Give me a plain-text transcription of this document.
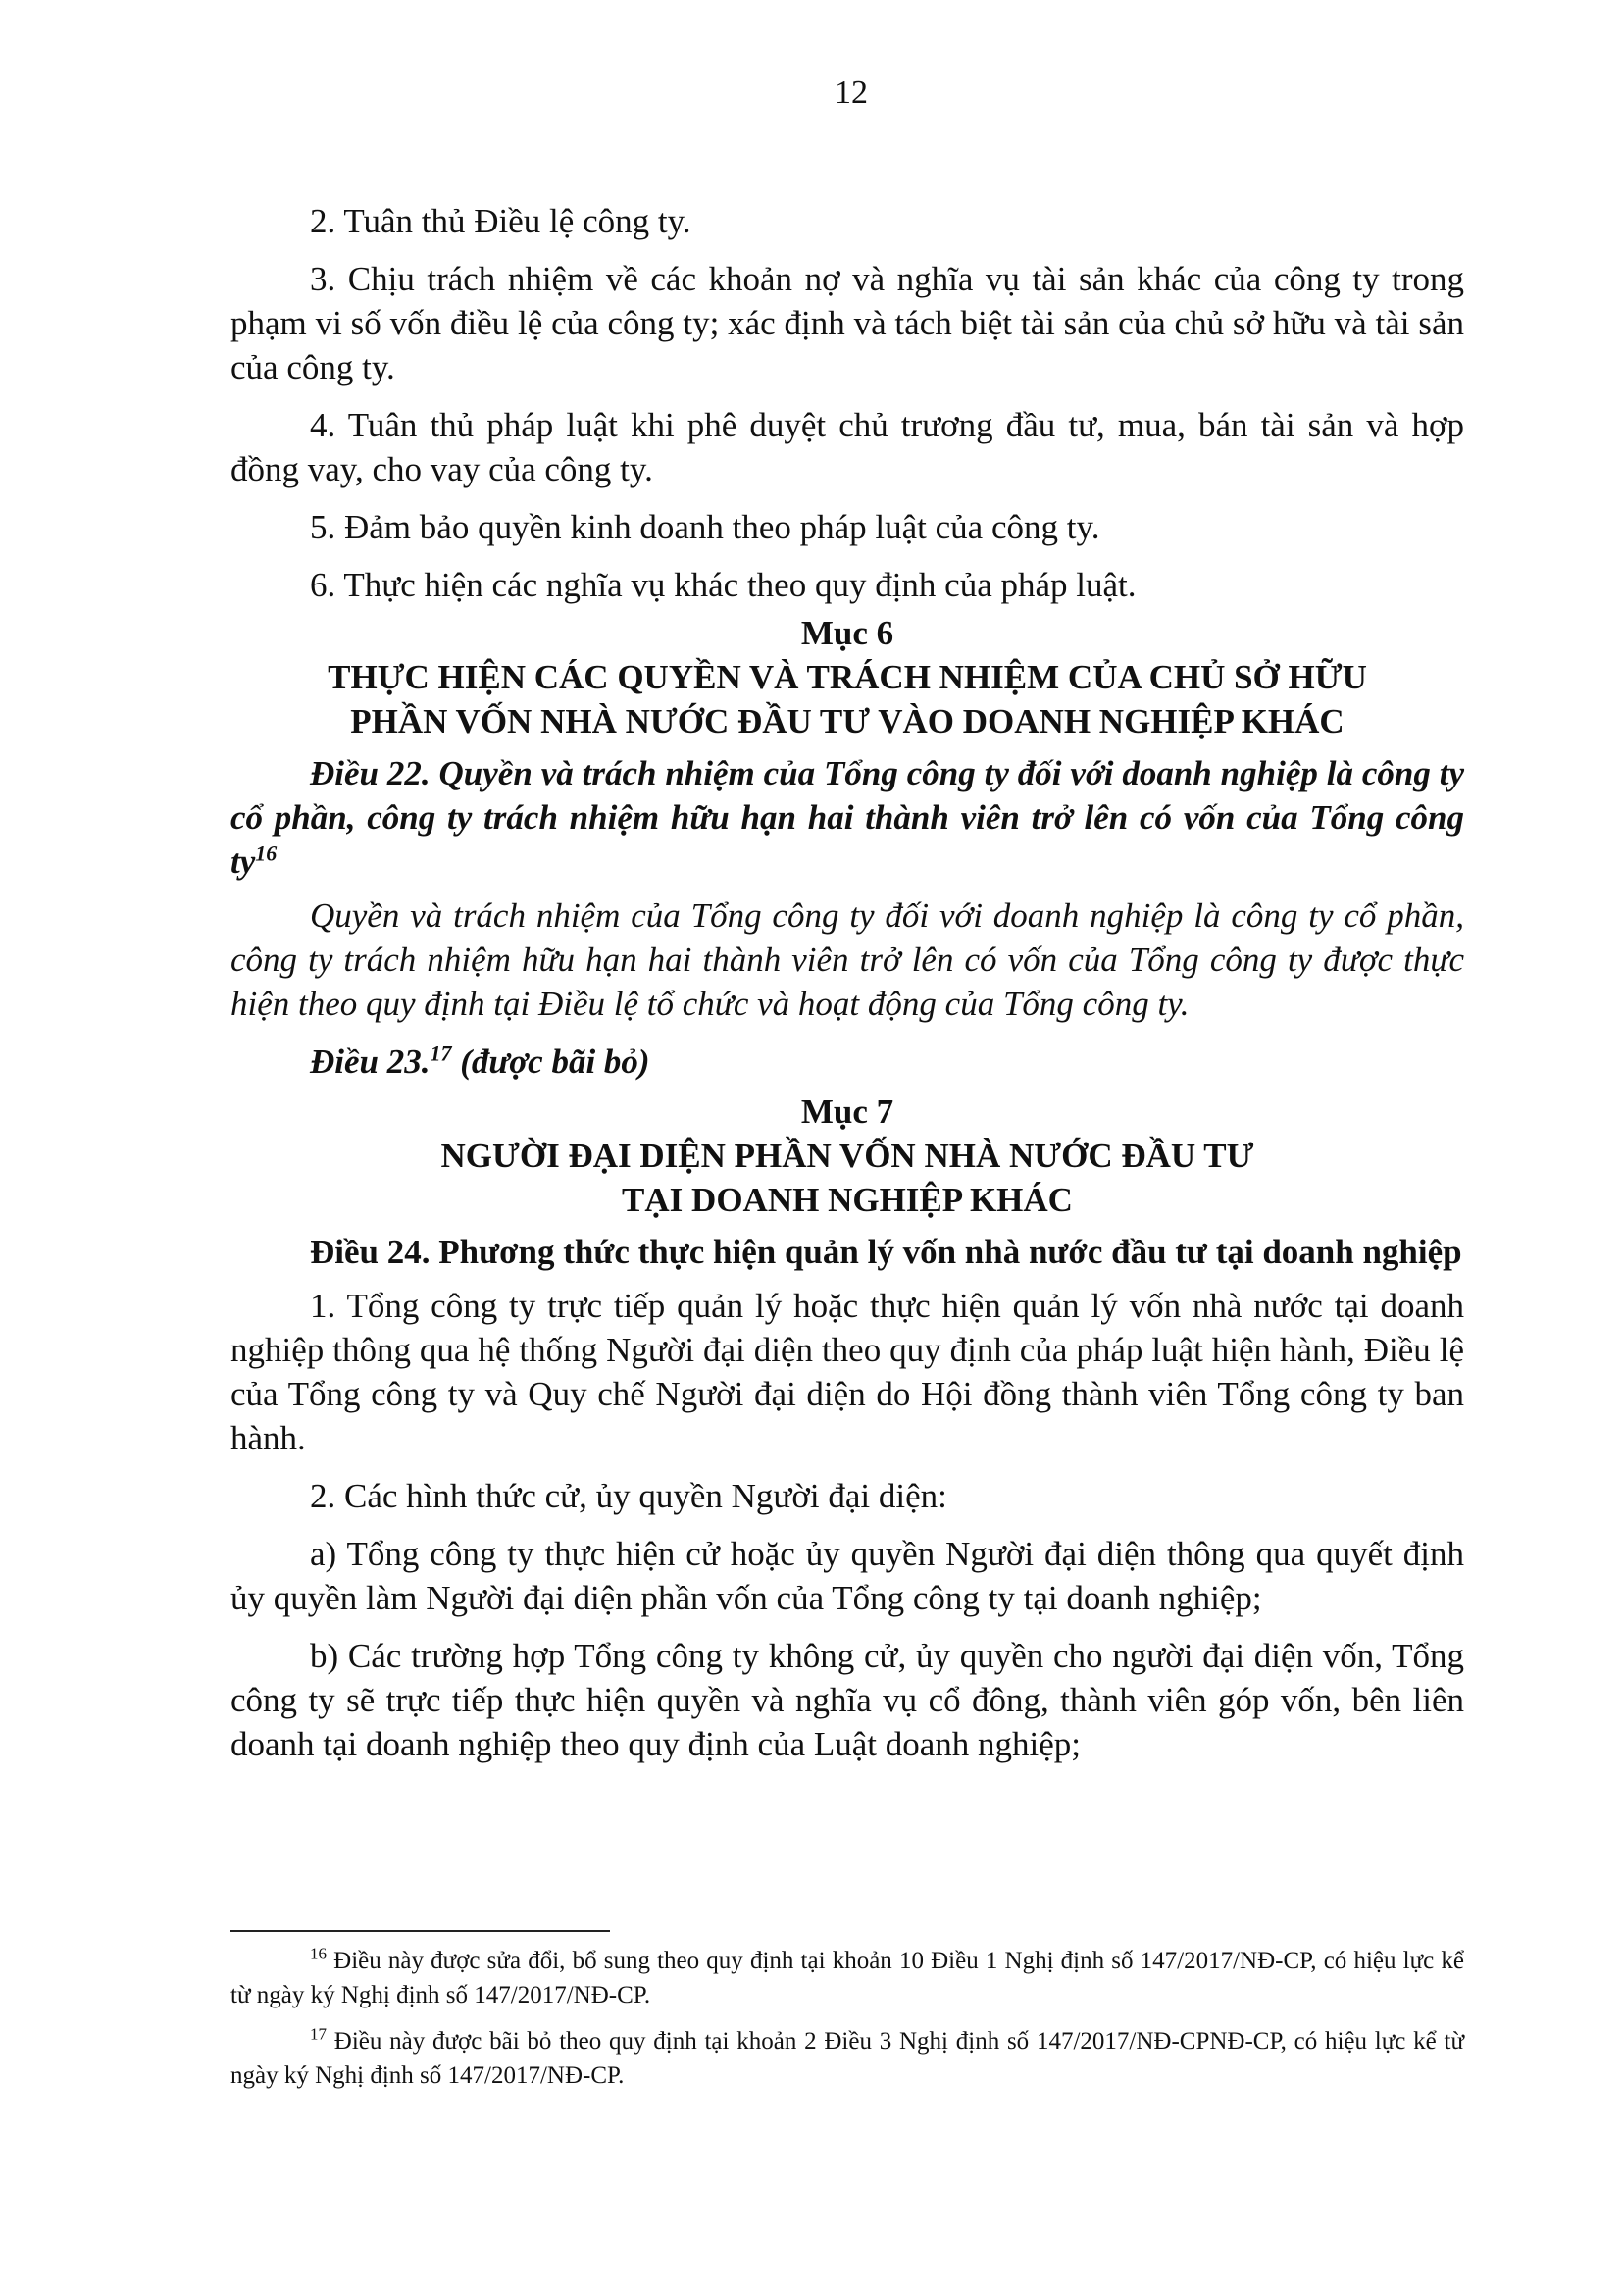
12

2. Tuân thủ Điều lệ công ty.

3. Chịu trách nhiệm về các khoản nợ và nghĩa vụ tài sản khác của công ty trong phạm vi số vốn điều lệ của công ty; xác định và tách biệt tài sản của chủ sở hữu và tài sản của công ty.

4. Tuân thủ pháp luật khi phê duyệt chủ trương đầu tư, mua, bán tài sản và hợp đồng vay, cho vay của công ty.

5. Đảm bảo quyền kinh doanh theo pháp luật của công ty.

6. Thực hiện các nghĩa vụ khác theo quy định của pháp luật.

Mục 6

THỰC HIỆN CÁC QUYỀN VÀ TRÁCH NHIỆM CỦA CHỦ SỞ HỮU

PHẦN VỐN NHÀ NƯỚC ĐẦU TƯ VÀO DOANH NGHIỆP KHÁC

Điều 22. Quyền và trách nhiệm của Tổng công ty đối với doanh nghiệp là công ty cổ phần, công ty trách nhiệm hữu hạn hai thành viên trở lên có vốn của Tổng công $ty^{16}$

Quyền và trách nhiệm của Tổng công ty đối với doanh nghiệp là công ty cổ phần, công ty trách nhiệm hữu hạn hai thành viên trở lên có vốn của Tổng công ty được thực hiện theo quy định tại Điều lệ tổ chức và hoạt động của Tổng công ty.

Điều 23.17 (được bãi bỏ)

Mục 7

NGƯỜI ĐẠI DIỆN PHẦN VỐN NHÀ NƯỚC ĐẦU TƯ

TẠI DOANH NGHIỆP KHÁC

Điều 24. Phương thức thực hiện quản lý vốn nhà nước đầu tư tại doanh nghiệp

1. Tổng công ty trực tiếp quản lý hoặc thực hiện quản lý vốn nhà nước tại doanh nghiệp thông qua hệ thống Người đại diện theo quy định của pháp luật hiện hành, Điều lệ của Tổng công ty và Quy chế Người đại diện do Hội đồng thành viên Tổng công ty ban hành.

2. Các hình thức cử, ủy quyền Người đại diện:

a) Tổng công ty thực hiện cử hoặc ủy quyền Người đại diện thông qua quyết định ủy quyền làm Người đại diện phần vốn của Tổng công ty tại doanh nghiệp;

b) Các trường hợp Tổng công ty không cử, ủy quyền cho người đại diện vốn, Tổng công ty sẽ trực tiếp thực hiện quyền và nghĩa vụ cổ đông, thành viên góp vốn, bên liên doanh tại doanh nghiệp theo quy định của Luật doanh nghiệp;

$^{16}$ Điều này được sửa đổi, bổ sung theo quy định tại khoản 10 Điều 1 Nghị định số 147/2017/NĐ-CP, có hiệu lực kể từ ngày ký Nghị định số 147/2017/NĐ-CP.

$^{17}$ Điều này được bãi bỏ theo quy định tại khoản 2 Điều 3 Nghị định số 147/2017/NĐ-CPNĐ-CP, có hiệu lực kể từ ngày ký Nghị định số 147/2017/NĐ-CP.
